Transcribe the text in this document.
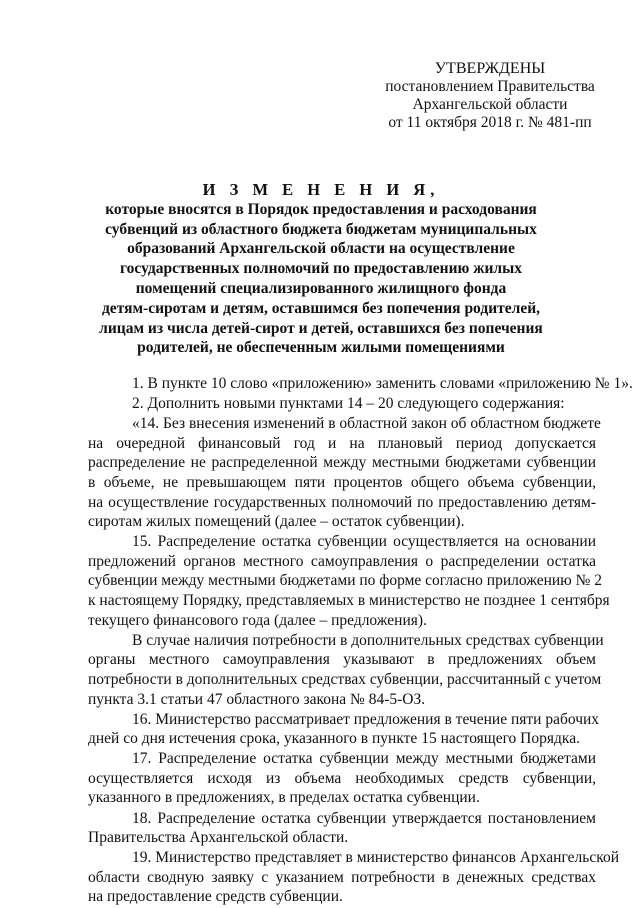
УТВЕРЖДЕНЫ
постановлением Правительства
Архангельской области
от 11 октября 2018 г. № 481-пп
И З М Е Н Е Н И Я,
которые вносятся в Порядок предоставления и расходования
субвенций из областного бюджета бюджетам муниципальных
образований Архангельской области на осуществление
государственных полномочий по предоставлению жилых
помещений специализированного жилищного фонда
детям-сиротам и детям, оставшимся без попечения родителей,
лицам из числа детей-сирот и детей, оставшихся без попечения
родителей, не обеспеченным жилыми помещениями
1. В пункте 10 слово «приложению» заменить словами «приложению № 1».
2. Дополнить новыми пунктами 14 – 20 следующего содержания:
«14. Без внесения изменений в областной закон об областном бюджете
на очередной финансовый год и на плановый период допускается
распределение не распределенной между местными бюджетами субвенции
в объеме, не превышающем пяти процентов общего объема субвенции,
на осуществление государственных полномочий по предоставлению детям-
сиротам жилых помещений (далее – остаток субвенции).
15. Распределение остатка субвенции осуществляется на основании
предложений органов местного самоуправления о распределении остатка
субвенции между местными бюджетами по форме согласно приложению № 2
к настоящему Порядку, представляемых в министерство не позднее 1 сентября
текущего финансового года (далее – предложения).
В случае наличия потребности в дополнительных средствах субвенции
органы местного самоуправления указывают в предложениях объем
потребности в дополнительных средствах субвенции, рассчитанный с учетом
пункта 3.1 статьи 47 областного закона № 84-5-ОЗ.
16. Министерство рассматривает предложения в течение пяти рабочих
дней со дня истечения срока, указанного в пункте 15 настоящего Порядка.
17. Распределение остатка субвенции между местными бюджетами
осуществляется исходя из объема необходимых средств субвенции,
указанного в предложениях, в пределах остатка субвенции.
18. Распределение остатка субвенции утверждается постановлением
Правительства Архангельской области.
19. Министерство представляет в министерство финансов Архангельской
области сводную заявку с указанием потребности в денежных средствах
на предоставление средств субвенции.
